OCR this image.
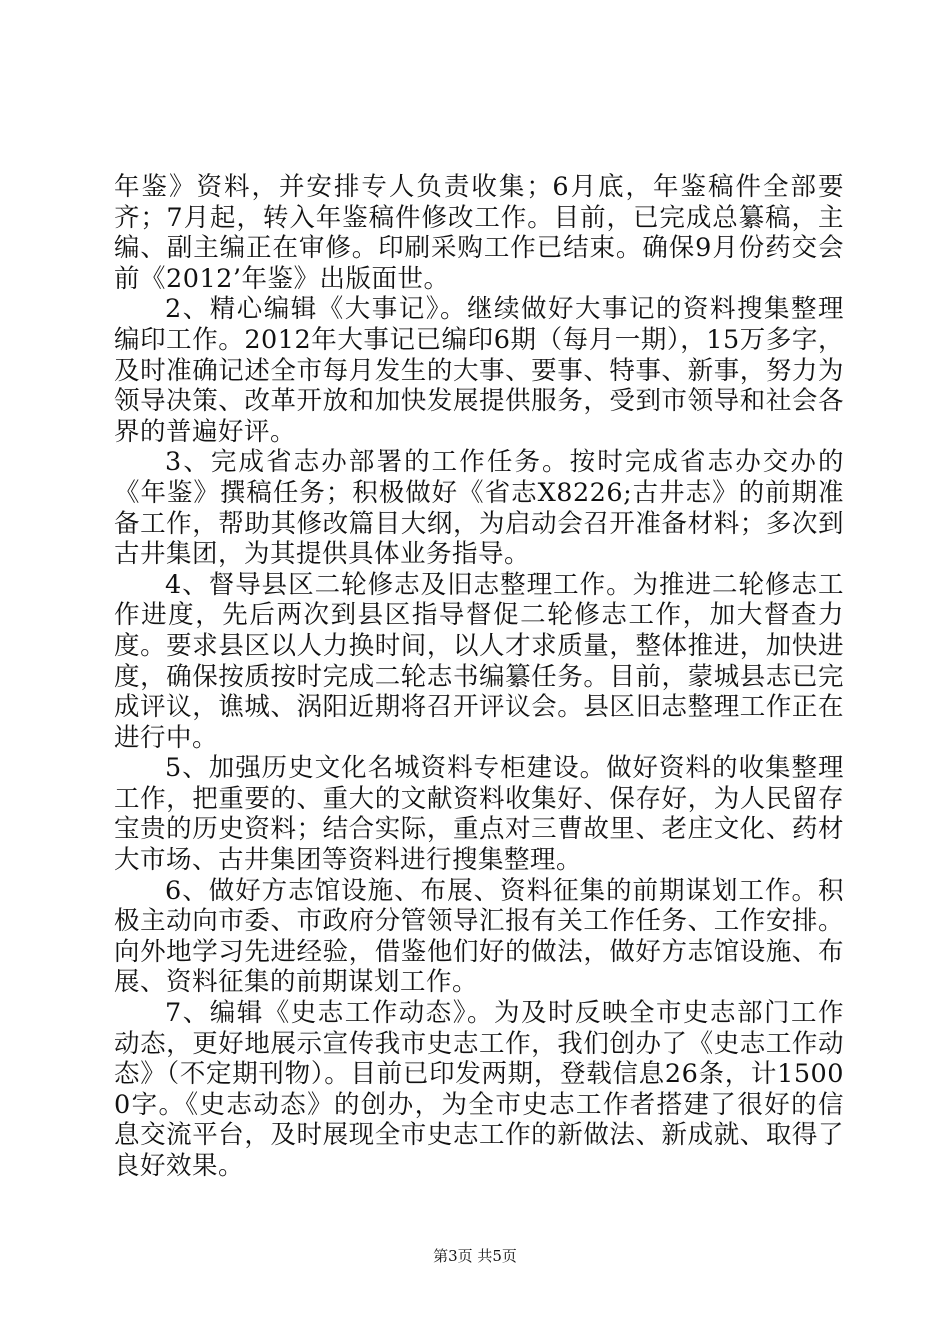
年鉴》资料，并安排专人负责收集；6月底，年鉴稿件全部要齐；7月起，转入年鉴稿件修改工作。目前，已完成总纂稿，主编、副主编正在审修。印刷采购工作已结束。确保9月份药交会前《2012’年鉴》出版面世。

2、精心编辑《大事记》。继续做好大事记的资料搜集整理编印工作。2012年大事记已编印6期（每月一期），15万多字，及时准确记述全市每月发生的大事、要事、特事、新事，努力为领导决策、改革开放和加快发展提供服务，受到市领导和社会各界的普遍好评。

3、完成省志办部署的工作任务。按时完成省志办交办的《年鉴》撰稿任务；积极做好《省志X8226;古井志》的前期准备工作，帮助其修改篇目大纲，为启动会召开准备材料；多次到古井集团，为其提供具体业务指导。

4、督导县区二轮修志及旧志整理工作。为推进二轮修志工作进度，先后两次到县区指导督促二轮修志工作，加大督查力度。要求县区以人力换时间，以人才求质量，整体推进，加快进度，确保按质按时完成二轮志书编纂任务。目前，蒙城县志已完成评议，谯城、涡阳近期将召开评议会。县区旧志整理工作正在进行中。

5、加强历史文化名城资料专柜建设。做好资料的收集整理工作，把重要的、重大的文献资料收集好、保存好，为人民留存宝贵的历史资料；结合实际，重点对三曹故里、老庄文化、药材大市场、古井集团等资料进行搜集整理。

6、做好方志馆设施、布展、资料征集的前期谋划工作。积极主动向市委、市政府分管领导汇报有关工作任务、工作安排。向外地学习先进经验，借鉴他们好的做法，做好方志馆设施、布展、资料征集的前期谋划工作。

7、编辑《史志工作动态》。为及时反映全市史志部门工作动态，更好地展示宣传我市史志工作，我们创办了《史志工作动态》（不定期刊物）。目前已印发两期，登载信息26条，计15000字。《史志动态》的创办，为全市史志工作者搭建了很好的信息交流平台，及时展现全市史志工作的新做法、新成就、取得了良好效果。

第3页 共5页
